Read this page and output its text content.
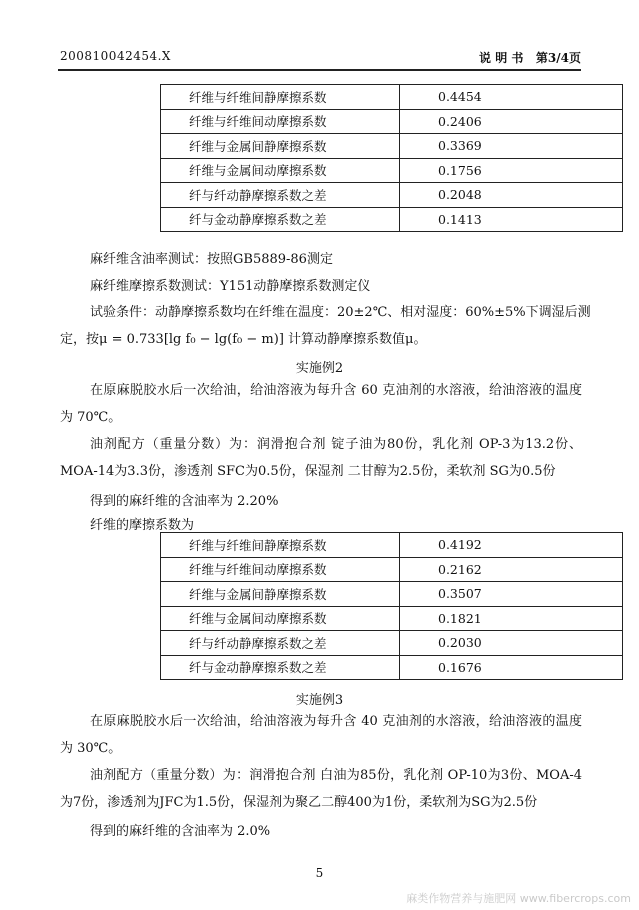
200810042454.X	说 明 书   第3/4页
纤维与纤维间静摩擦系数	0.4454
纤维与纤维间动摩擦系数	0.2406
纤维与金属间静摩擦系数	0.3369
纤维与金属间动摩擦系数	0.1756
纤与纤动静摩擦系数之差	0.2048
纤与金动静摩擦系数之差	0.1413
麻纤维含油率测试：按照GB5889-86测定
麻纤维摩擦系数测试：Y151动静摩擦系数测定仪
试验条件：动静摩擦系数均在纤维在温度：20±2℃、相对湿度：60%±5%下调湿后测
定，按μ = 0.733[lg f₀ − lg(f₀ − m)] 计算动静摩擦系数值μ。
实施例2

在原麻脱胶水后一次给油，给油溶液为每升含 60 克油剂的水溶液，给油溶液的温度为 70℃。

油剂配方（重量分数）为：润滑抱合剂 锭子油为80份，乳化剂 OP-3为13.2份、MOA-14为3.3份，渗透剂 SFC为0.5份，保湿剂 二甘醇为2.5份，柔软剂 SG为0.5份

得到的麻纤维的含油率为 2.20%
纤维的摩擦系数为
纤维与纤维间静摩擦系数	0.4192
纤维与纤维间动摩擦系数	0.2162
纤维与金属间静摩擦系数	0.3507
纤维与金属间动摩擦系数	0.1821
纤与纤动静摩擦系数之差	0.2030
纤与金动静摩擦系数之差	0.1676
实施例3

在原麻脱胶水后一次给油，给油溶液为每升含 40 克油剂的水溶液，给油溶液的温度为 30℃。

油剂配方（重量分数）为：润滑抱合剂 白油为85份，乳化剂 OP-10为3份、MOA-4为7份，渗透剂为JFC为1.5份，保湿剂为聚乙二醇400为1份，柔软剂为SG为2.5份

得到的麻纤维的含油率为 2.0%
5
麻类作物营养与施肥网 www.fibercrops.com
